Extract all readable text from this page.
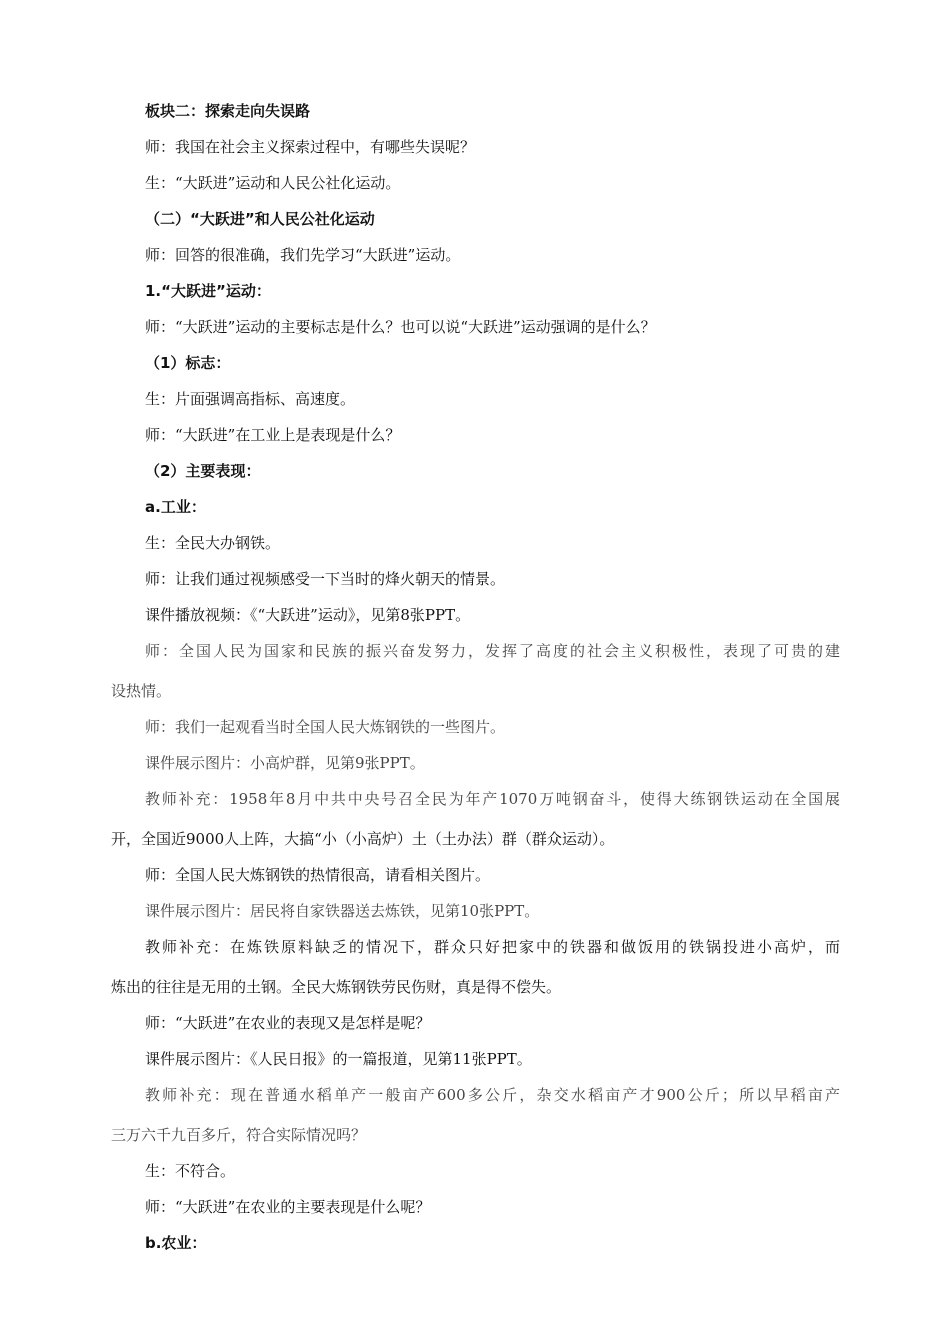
板块二：探索走向失误路
师：我国在社会主义探索过程中，有哪些失误呢？
生：“大跃进”运动和人民公社化运动。
（二）“大跃进”和人民公社化运动
师：回答的很准确，我们先学习“大跃进”运动。
1.“大跃进”运动：
师：“大跃进”运动的主要标志是什么？也可以说“大跃进”运动强调的是什么？
（1）标志：
生：片面强调高指标、高速度。
师：“大跃进”在工业上是表现是什么？
（2）主要表现：
a.工业：
生：全民大办钢铁。
师：让我们通过视频感受一下当时的烽火朝天的情景。
课件播放视频：《“大跃进”运动》，见第8张PPT。
师：全国人民为国家和民族的振兴奋发努力，发挥了高度的社会主义积极性，表现了可贵的建
设热情。
师：我们一起观看当时全国人民大炼钢铁的一些图片。
课件展示图片：小高炉群，见第9张PPT。
教师补充：1958年8月中共中央号召全民为年产1070万吨钢奋斗，使得大练钢铁运动在全国展
开，全国近9000人上阵，大搞“小（小高炉）土（土办法）群（群众运动）。
师：全国人民大炼钢铁的热情很高，请看相关图片。
课件展示图片：居民将自家铁器送去炼铁，见第10张PPT。
教师补充：在炼铁原料缺乏的情况下，群众只好把家中的铁器和做饭用的铁锅投进小高炉，而
炼出的往往是无用的土钢。全民大炼钢铁劳民伤财，真是得不偿失。
师：“大跃进”在农业的表现又是怎样是呢？
课件展示图片：《人民日报》的一篇报道，见第11张PPT。
教师补充：现在普通水稻单产一般亩产600多公斤，杂交水稻亩产才900公斤；所以早稻亩产
三万六千九百多斤，符合实际情况吗？
生：不符合。
师：“大跃进”在农业的主要表现是什么呢？
b.农业：
